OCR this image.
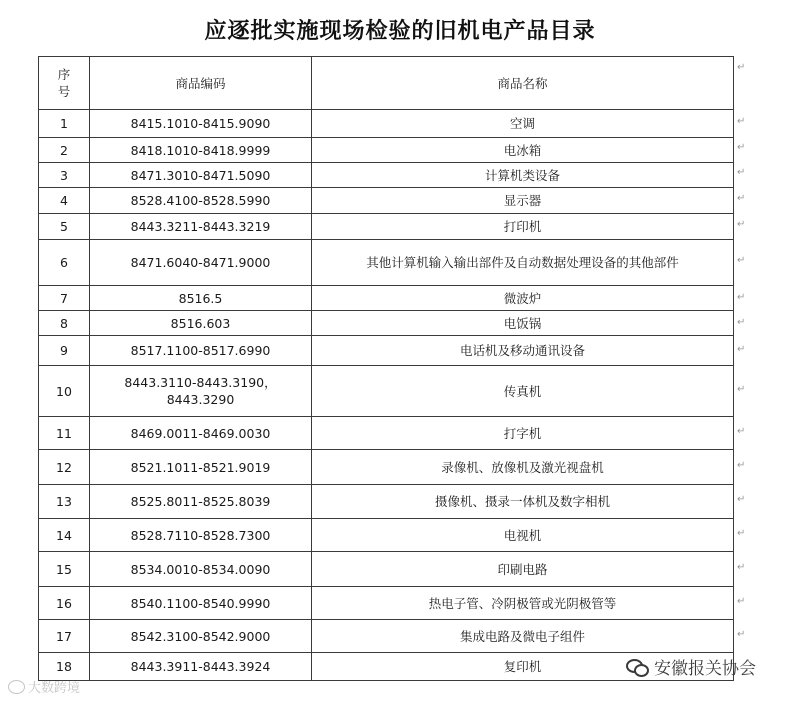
应逐批实施现场检验的旧机电产品目录
序
号	商品编码	商品名称
1	8415.1010-8415.9090	空调
2	8418.1010-8418.9999	电冰箱
3	8471.3010-8471.5090	计算机类设备
4	8528.4100-8528.5990	显示器
5	8443.3211-8443.3219	打印机
6	8471.6040-8471.9000	其他计算机输入输出部件及自动数据处理设备的其他部件
7	8516.5	微波炉
8	8516.603	电饭锅
9	8517.1100-8517.6990	电话机及移动通讯设备
10	8443.3110-8443.3190，
8443.3290	传真机
11	8469.0011-8469.0030	打字机
12	8521.1011-8521.9019	录像机、放像机及激光视盘机
13	8525.8011-8525.8039	摄像机、摄录一体机及数字相机
14	8528.7110-8528.7300	电视机
15	8534.0010-8534.0090	印刷电路
16	8540.1100-8540.9990	热电子管、冷阴极管或光阴极管等
17	8542.3100-8542.9000	集成电路及微电子组件
18	8443.3911-8443.3924	复印机
↵
↵
↵
↵
↵
↵
↵
↵
↵
↵
↵
↵
↵
↵
↵
↵
↵
↵
安徽报关协会
大数跨境
